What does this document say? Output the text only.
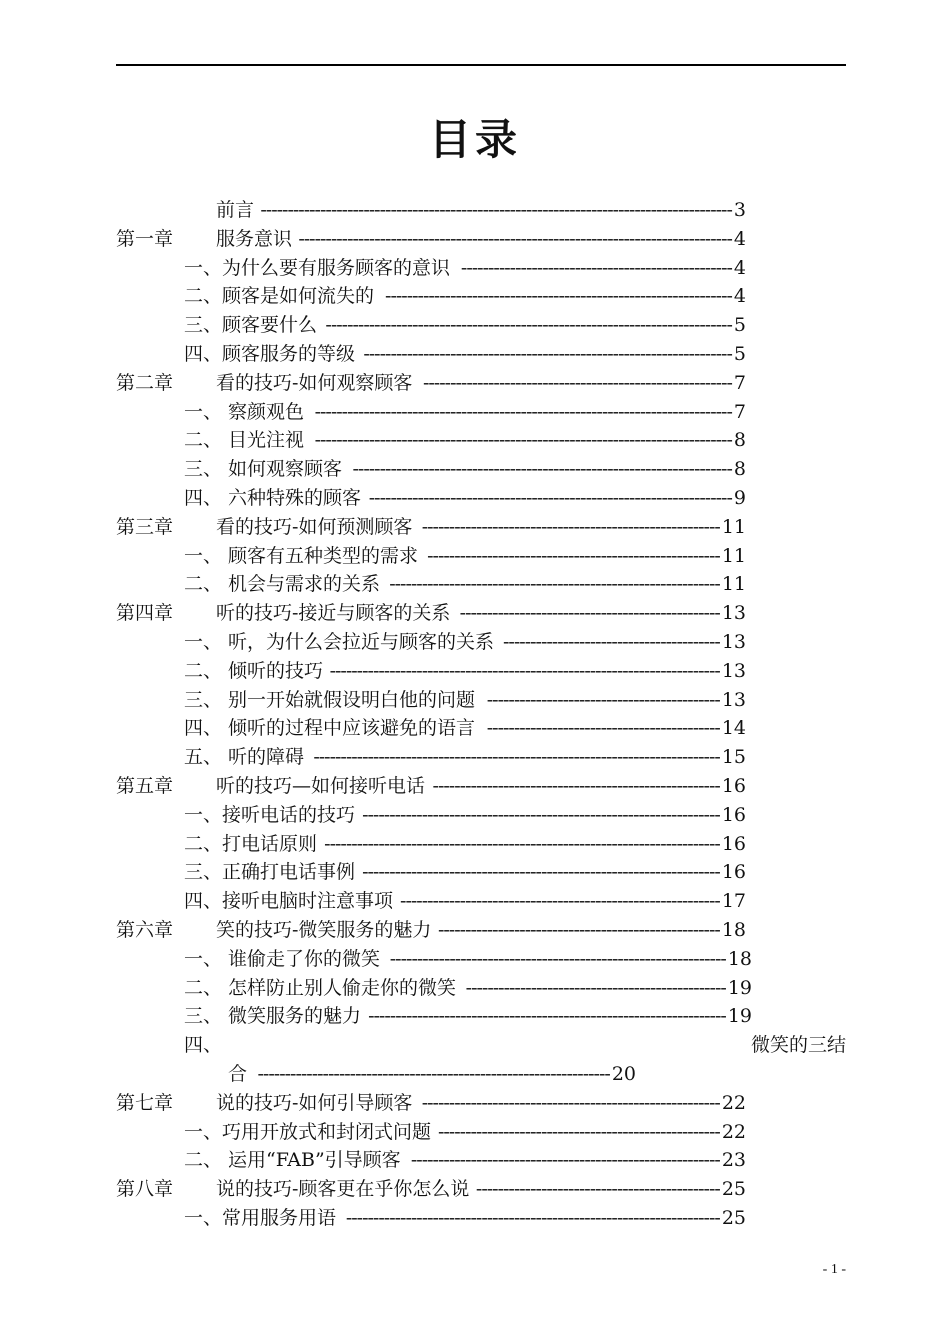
目录
前言 --------------------------------------------------------------------------------------- 3
第一章 服务意识 -------------------------------------------------------------------------------- 4
一、为什么要有服务顾客的意识 -------------------------------------------------- 4
二、顾客是如何流失的 ---------------------------------------------------------------- 4
三、顾客要什么 --------------------------------------------------------------------------- 5
四、顾客服务的等级 -------------------------------------------------------------------- 5
第二章 看的技巧-如何观察顾客 --------------------------------------------------------- 7
一、 察颜观色 ----------------------------------------------------------------------------- 7
二、 目光注视 ----------------------------------------------------------------------------- 8
三、 如何观察顾客 ---------------------------------------------------------------------- 8
四、 六种特殊的顾客 ------------------------------------------------------------------- 9
第三章 看的技巧-如何预测顾客 ------------------------------------------------------- 11
一、 顾客有五种类型的需求 ------------------------------------------------------ 11
二、 机会与需求的关系 ------------------------------------------------------------- 11
第四章 听的技巧-接近与顾客的关系 ------------------------------------------------ 13
一、 听，为什么会拉近与顾客的关系 ---------------------------------------- 13
二、 倾听的技巧 ------------------------------------------------------------------------ 13
三、 别一开始就假设明白他的问题 ------------------------------------------- 13
四、 倾听的过程中应该避免的语言 ------------------------------------------- 14
五、 听的障碍 --------------------------------------------------------------------------- 15
第五章 听的技巧—如何接听电话 ----------------------------------------------------- 16
一、接听电话的技巧 ------------------------------------------------------------------ 16
二、打电话原则 ------------------------------------------------------------------------- 16
三、正确打电话事例 ------------------------------------------------------------------ 16
四、接听电脑时注意事项 ----------------------------------------------------------- 17
第六章 笑的技巧-微笑服务的魅力 ---------------------------------------------------- 18
一、 谁偷走了你的微笑 -------------------------------------------------------------- 18
二、 怎样防止别人偷走你的微笑 ------------------------------------------------ 19
三、 微笑服务的魅力 ------------------------------------------------------------------ 19
四、	微笑的三结
合 ----------------------------------------------------------------- 20
第七章 说的技巧-如何引导顾客 ------------------------------------------------------- 22
一、巧用开放式和封闭式问题 ---------------------------------------------------- 22
二、 运用“FAB”引导顾客 --------------------------------------------------------- 23
第八章 说的技巧-顾客更在乎你怎么说 --------------------------------------------- 25
一、常用服务用语 --------------------------------------------------------------------- 25
- 1 -
